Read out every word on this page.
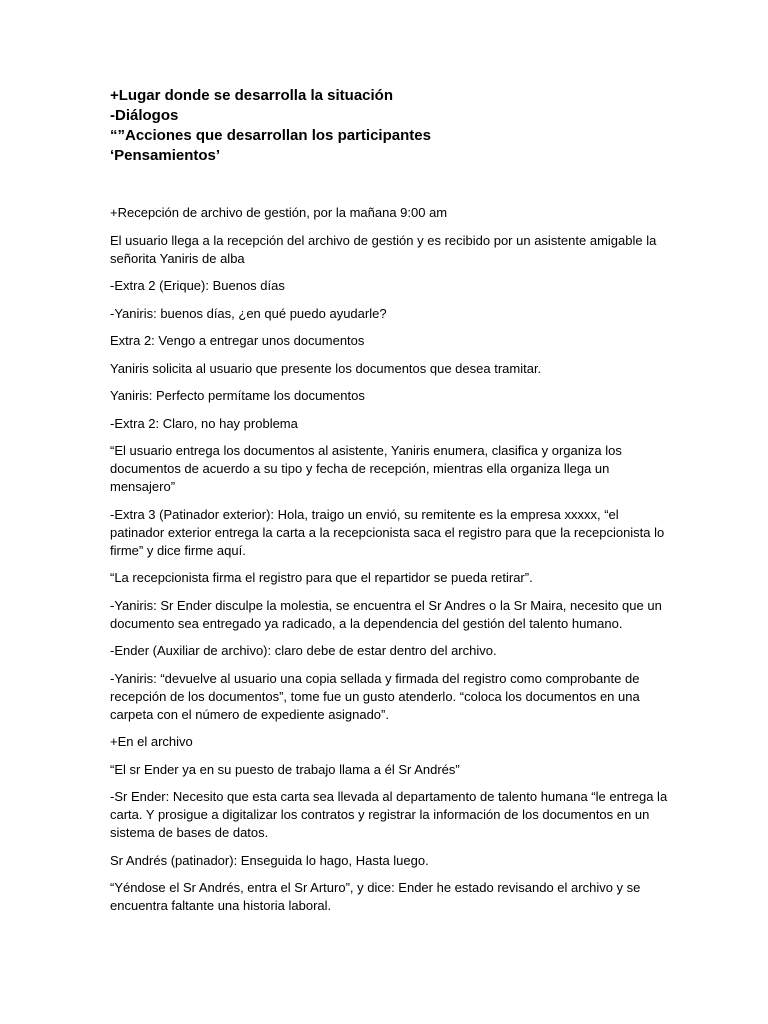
+Lugar donde se desarrolla la situación
-Diálogos
“”Acciones que desarrollan los participantes
‘Pensamientos’

+Recepción de archivo de gestión, por la mañana 9:00 am

El usuario llega a la recepción del archivo de gestión y es recibido por un asistente amigable la señorita Yaniris de alba

-Extra 2 (Erique): Buenos días

-Yaniris: buenos días, ¿en qué puedo ayudarle?

Extra 2: Vengo a entregar unos documentos

Yaniris solicita al usuario que presente los documentos que desea tramitar.

Yaniris: Perfecto permítame los documentos

-Extra 2: Claro, no hay problema

“El usuario entrega los documentos al asistente, Yaniris enumera, clasifica y organiza los documentos de acuerdo a su tipo y fecha de recepción, mientras ella organiza llega un mensajero”

-Extra 3 (Patinador exterior): Hola, traigo un envió, su remitente es la empresa xxxxx, “el patinador exterior entrega la carta a la recepcionista saca el registro para que la recepcionista lo firme” y dice firme aquí.

“La recepcionista firma el registro para que el repartidor se pueda retirar”.

-Yaniris: Sr Ender disculpe la molestia, se encuentra el Sr Andres o la Sr Maira, necesito que un documento sea entregado ya radicado, a la dependencia del gestión del talento humano.

-Ender (Auxiliar de archivo): claro debe de estar dentro del archivo.

-Yaniris: “devuelve al usuario una copia sellada y firmada del registro como comprobante de recepción de los documentos”, tome fue un gusto atenderlo. “coloca los documentos en una carpeta con el número de expediente asignado”.

+En el archivo

“El sr Ender ya en su puesto de trabajo llama a él Sr Andrés”

-Sr Ender: Necesito que esta carta sea llevada al departamento de talento humana “le entrega la carta. Y prosigue a digitalizar los contratos y registrar la información de los documentos en un sistema de bases de datos.

Sr Andrés (patinador): Enseguida lo hago, Hasta luego.

“Yéndose el Sr Andrés, entra el Sr Arturo”, y dice: Ender he estado revisando el archivo y se encuentra faltante una historia laboral.
